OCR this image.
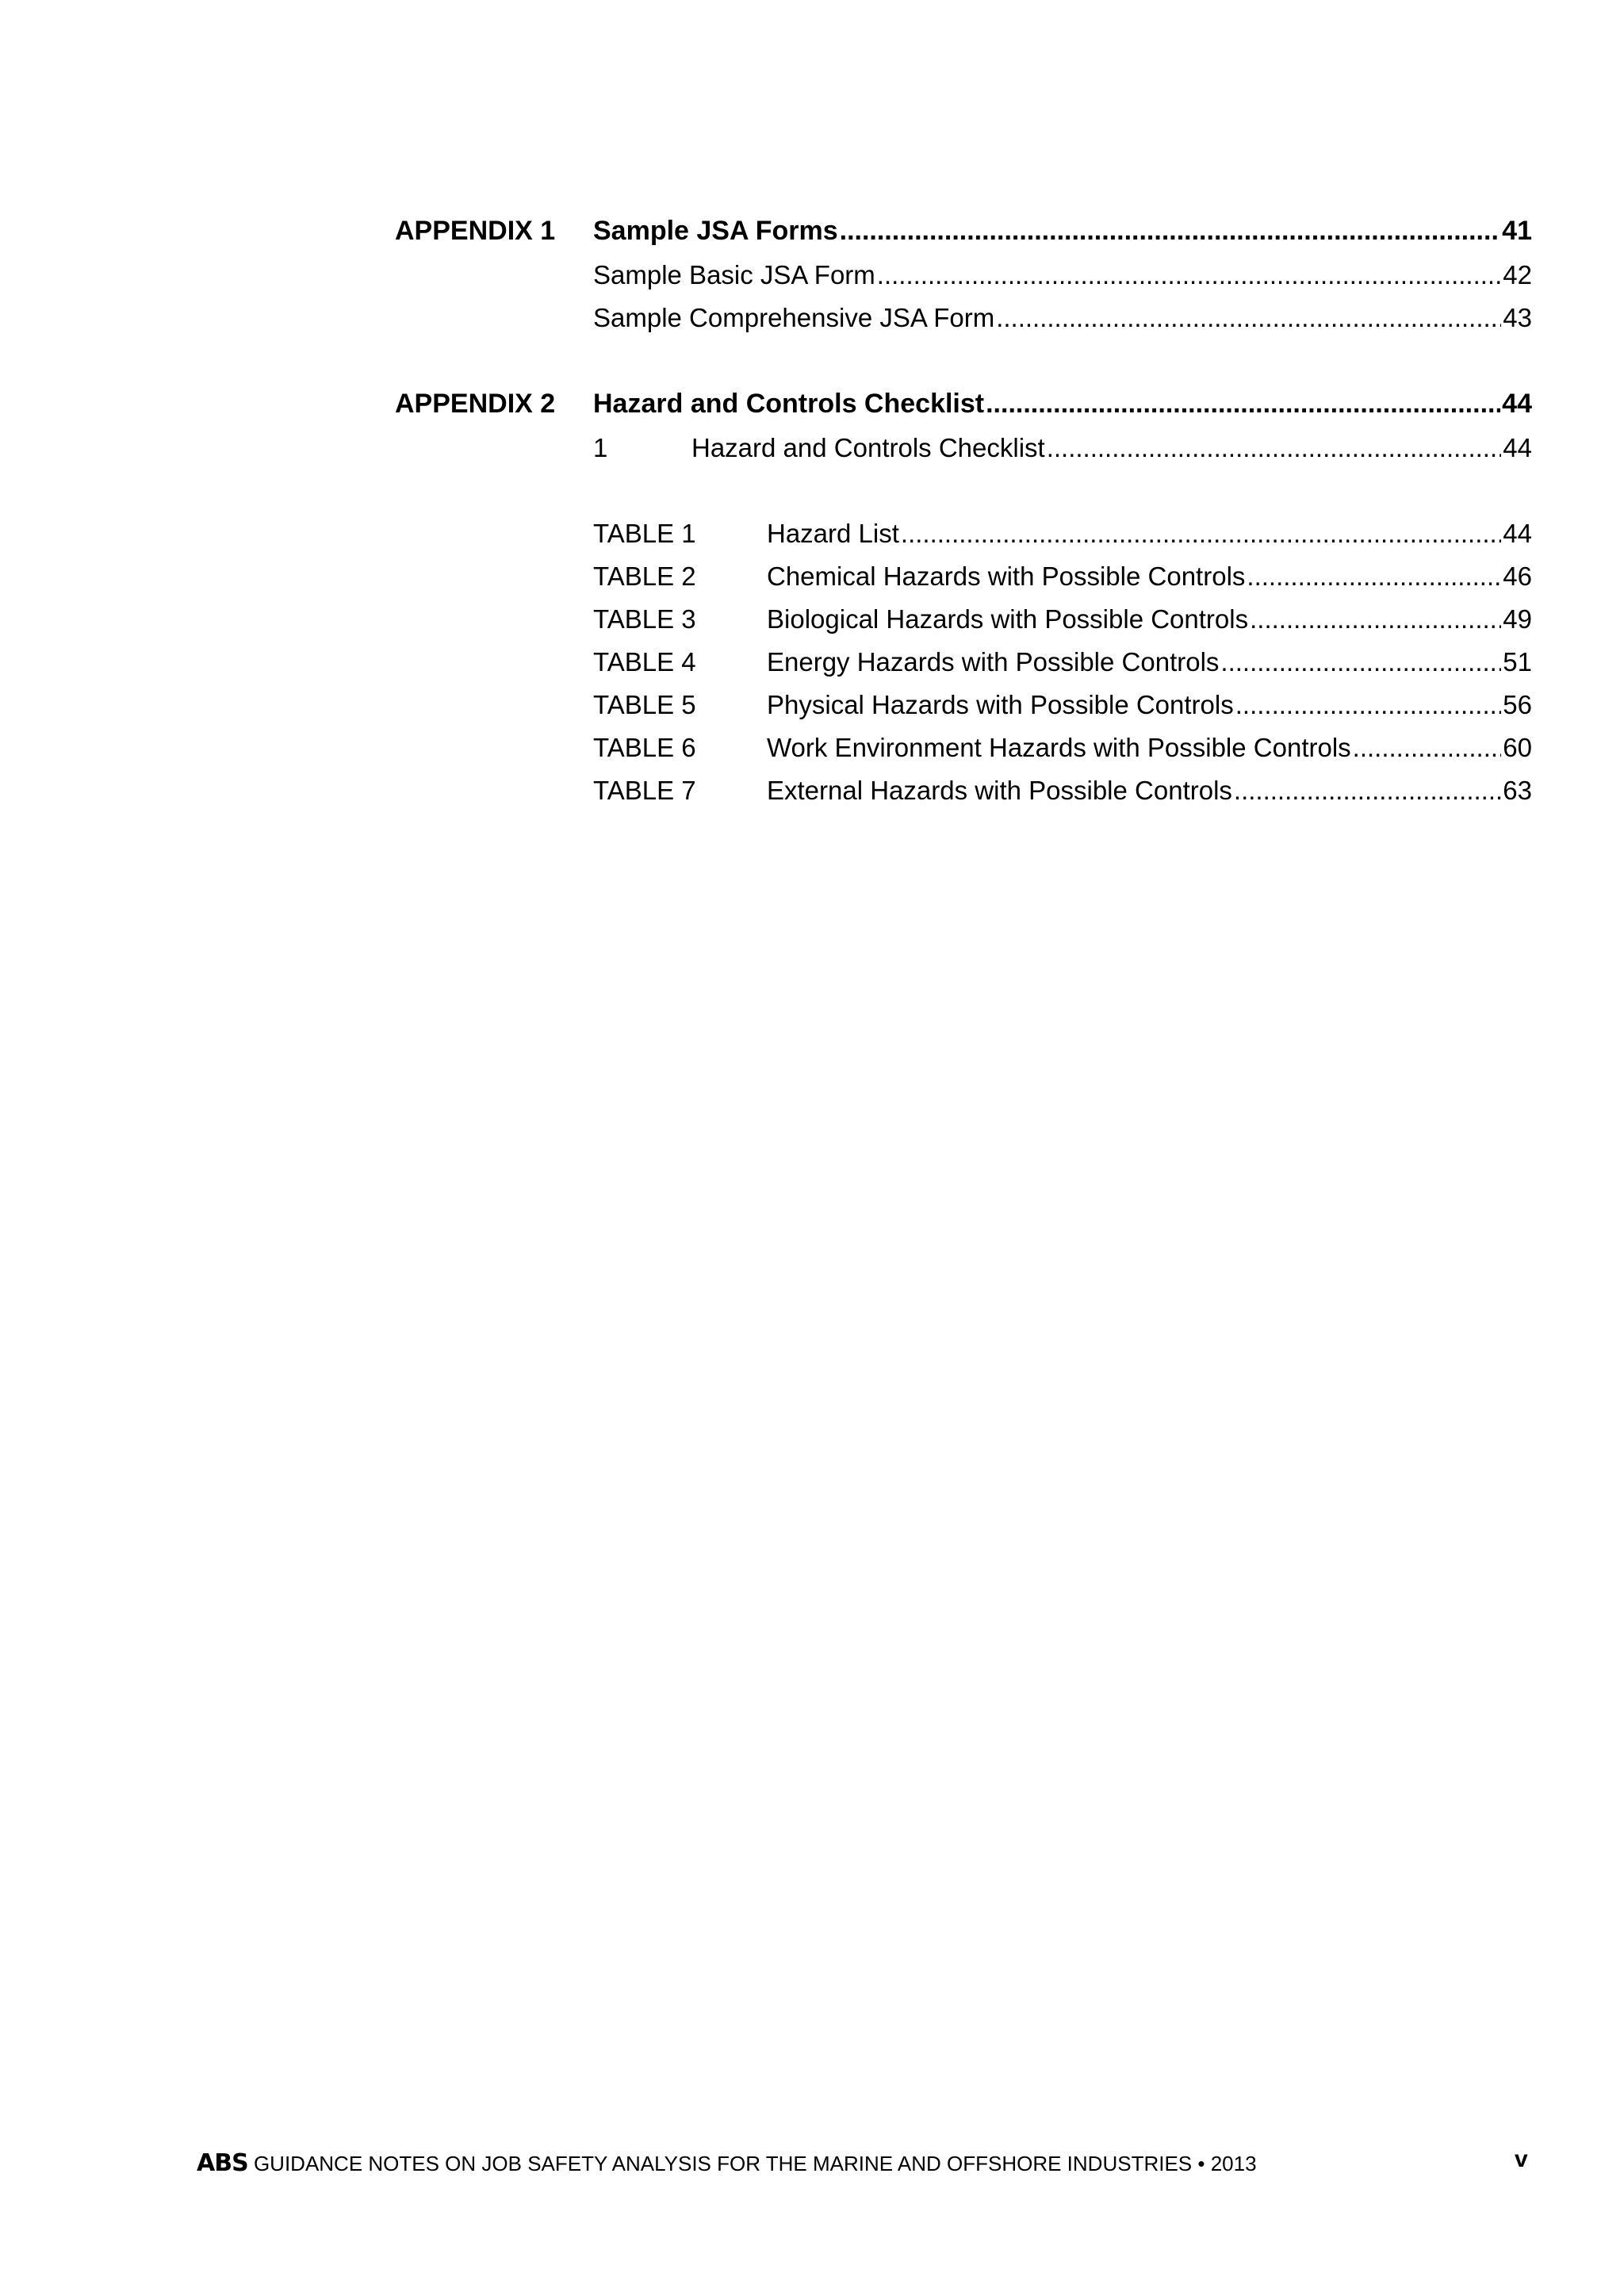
APPENDIX 1 Sample JSA Forms .....	41
Sample Basic JSA Form .....	42
Sample Comprehensive JSA Form .....	43
APPENDIX 2 Hazard and Controls Checklist .....	44
1	Hazard and Controls Checklist .....	44
TABLE 1	Hazard List .....	44
TABLE 2	Chemical Hazards with Possible Controls .....	46
TABLE 3	Biological Hazards with Possible Controls .....	49
TABLE 4	Energy Hazards with Possible Controls .....	51
TABLE 5	Physical Hazards with Possible Controls .....	56
TABLE 6	Work Environment Hazards with Possible Controls .....	60
TABLE 7	External Hazards with Possible Controls .....	63
ABS GUIDANCE NOTES ON JOB SAFETY ANALYSIS FOR THE MARINE AND OFFSHORE INDUSTRIES • 2013	v
